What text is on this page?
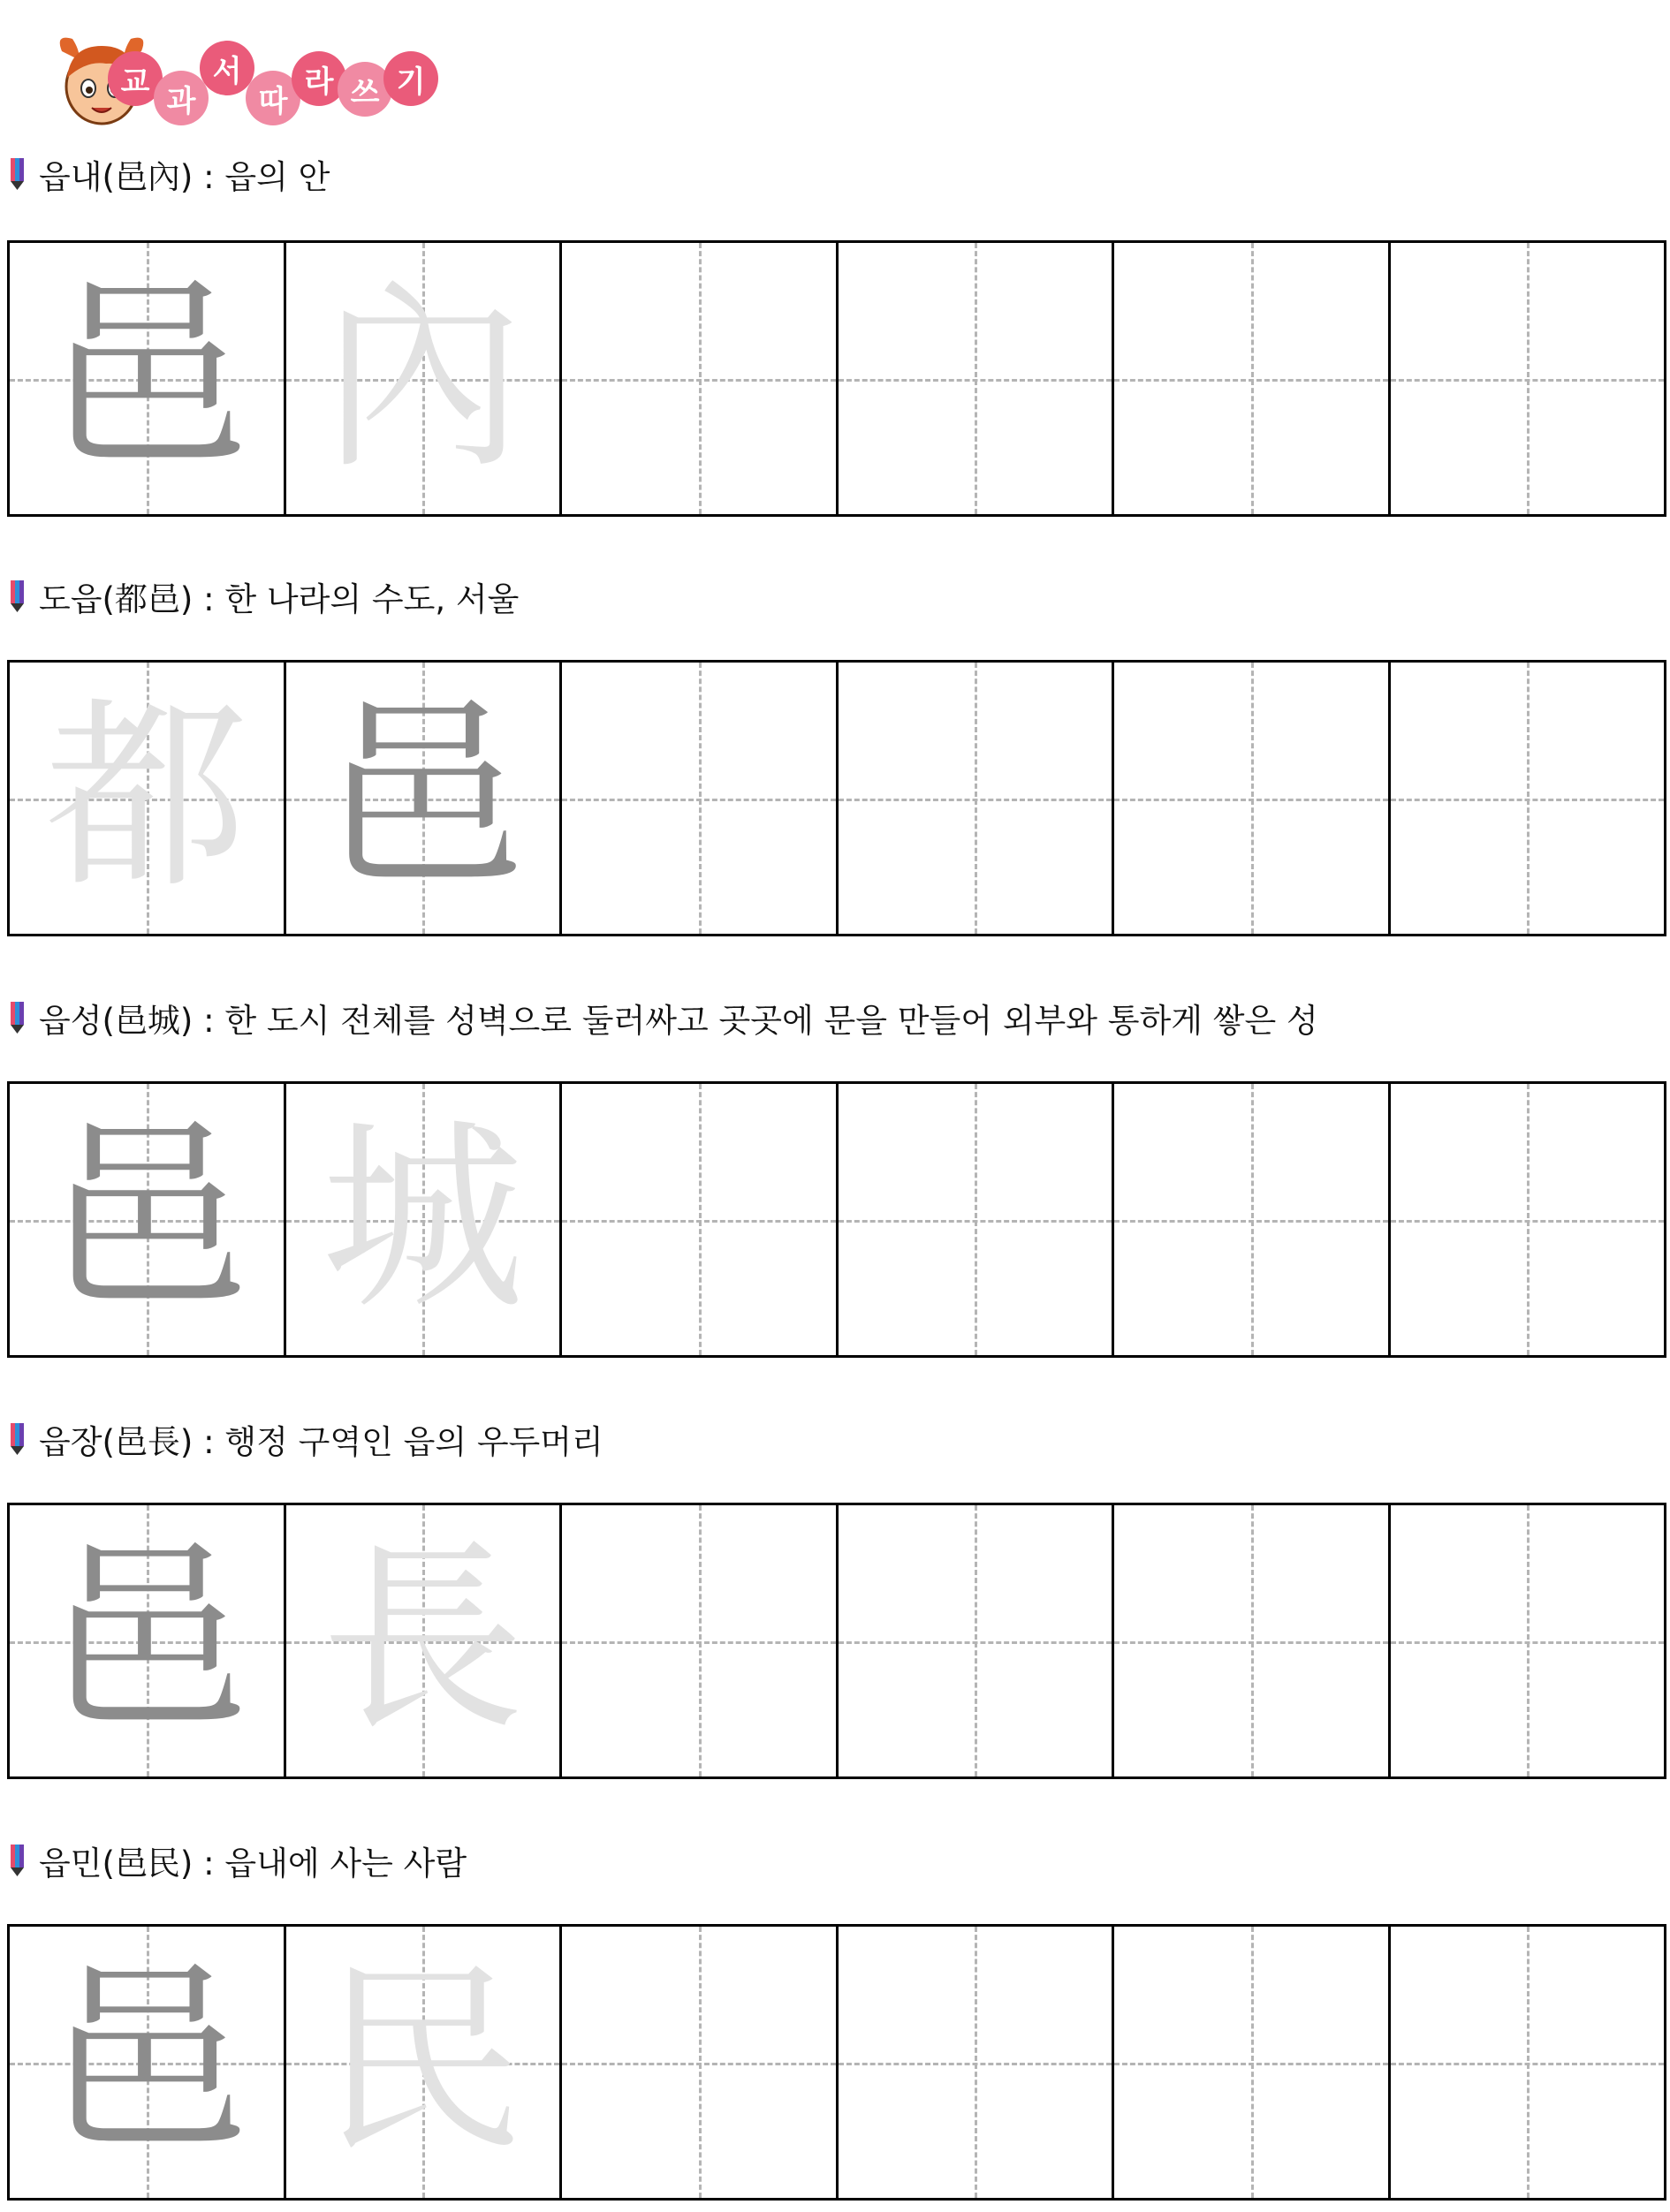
교
과
서
따
라 쓰 기
읍내(邑內) : 읍의 안
邑 內
도읍(都邑) : 한 나라의 수도, 서울
都 邑
읍성(邑城) : 한 도시 전체를 성벽으로 둘러싸고 곳곳에 문을 만들어 외부와 통하게 쌓은 성
邑 城
읍장(邑長) : 행정 구역인 읍의 우두머리
邑 長
읍민(邑民) : 읍내에 사는 사람
邑 民
